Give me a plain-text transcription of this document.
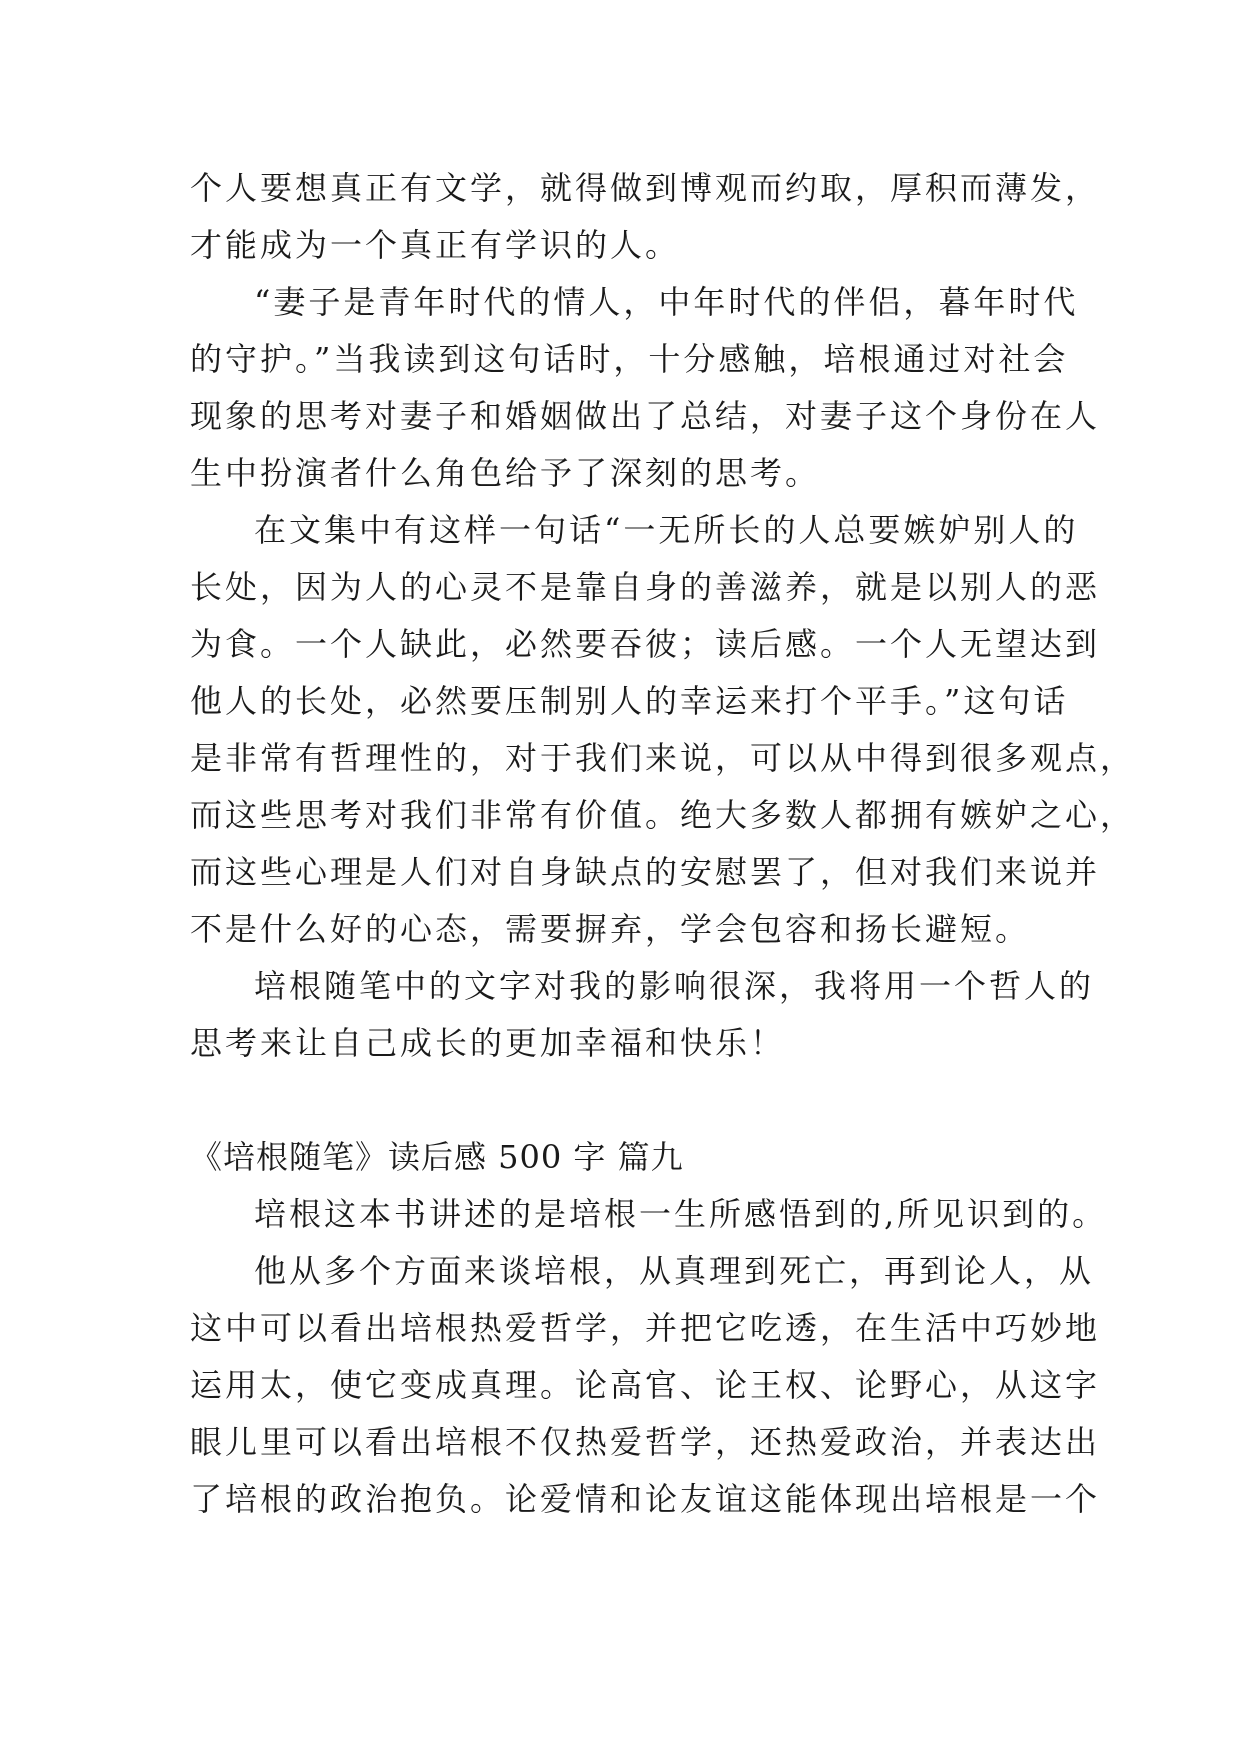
个人要想真正有文学，就得做到博观而约取，厚积而薄发，
才能成为一个真正有学识的人。
“妻子是青年时代的情人，中年时代的伴侣，暮年时代
的守护。”当我读到这句话时，十分感触，培根通过对社会
现象的思考对妻子和婚姻做出了总结，对妻子这个身份在人
生中扮演者什么角色给予了深刻的思考。
在文集中有这样一句话“一无所长的人总要嫉妒别人的
长处，因为人的心灵不是靠自身的善滋养，就是以别人的恶
为食。一个人缺此，必然要吞彼；读后感。一个人无望达到
他人的长处，必然要压制别人的幸运来打个平手。”这句话
是非常有哲理性的，对于我们来说，可以从中得到很多观点，
而这些思考对我们非常有价值。绝大多数人都拥有嫉妒之心，
而这些心理是人们对自身缺点的安慰罢了，但对我们来说并
不是什么好的心态，需要摒弃，学会包容和扬长避短。
培根随笔中的文字对我的影响很深，我将用一个哲人的
思考来让自己成长的更加幸福和快乐！
《培根随笔》读后感 500 字 篇九
培根这本书讲述的是培根一生所感悟到的,所见识到的。
他从多个方面来谈培根，从真理到死亡，再到论人，从
这中可以看出培根热爱哲学，并把它吃透，在生活中巧妙地
运用太，使它变成真理。论高官、论王权、论野心，从这字
眼儿里可以看出培根不仅热爱哲学，还热爱政治，并表达出
了培根的政治抱负。论爱情和论友谊这能体现出培根是一个
